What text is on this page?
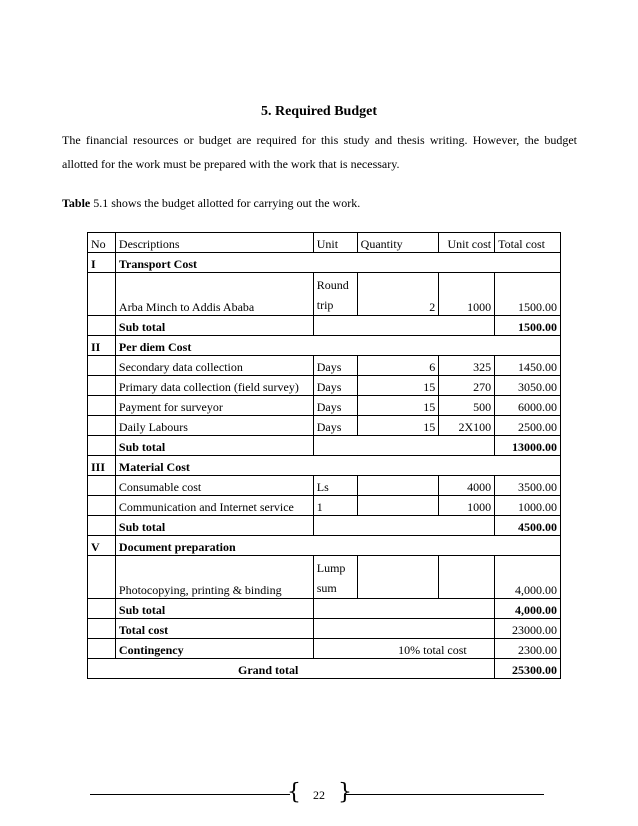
5. Required Budget
The financial resources or budget are required for this study and thesis writing. However, the budget allotted for the work must be prepared with the work that is necessary.
Table 5.1 shows the budget allotted for carrying out the work.
No	Descriptions	Unit	Quantity	Unit cost	Total cost
I	Transport Cost				
	Arba Minch to Addis Ababa	Round trip	2	1000	1500.00
	Sub total				1500.00
II	Per diem Cost				
	Secondary data collection	Days	6	325	1450.00
	Primary data collection (field survey)	Days	15	270	3050.00
	Payment for surveyor	Days	15	500	6000.00
	Daily Labours	Days	15	2X100	2500.00
	Sub total				13000.00
III	Material Cost				
	Consumable cost	Ls		4000	3500.00
	Communication and Internet service	1		1000	1000.00
	Sub total				4500.00
V	Document preparation				
	Photocopying, printing & binding	Lump sum			4,000.00
	Sub total				4,000.00
	Total cost				23000.00
	Contingency	10% total cost			2300.00
Grand total					25300.00
{	22 }
